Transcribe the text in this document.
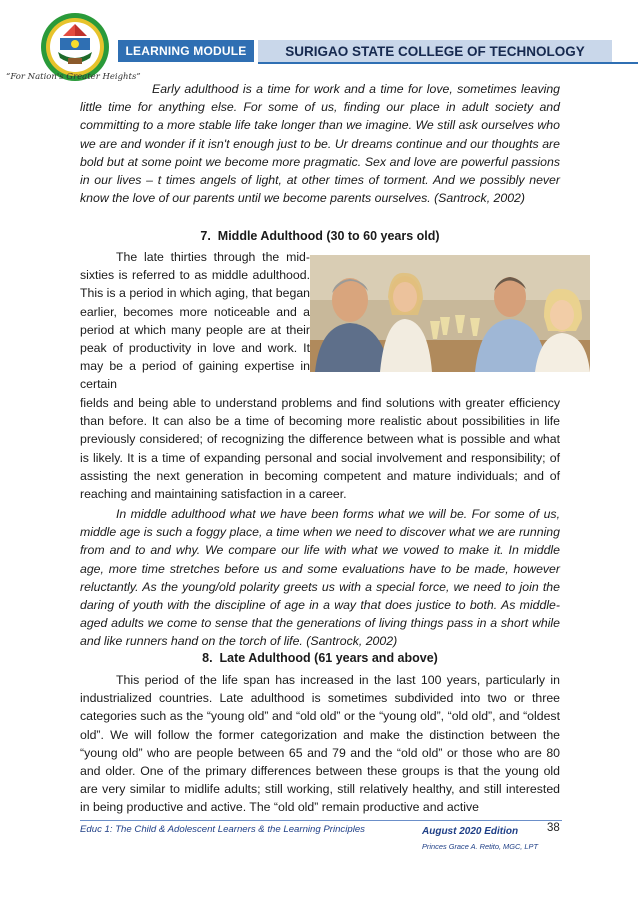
“For Nation's Greater Heights”
LEARNING MODULE	SURIGAO STATE COLLEGE OF TECHNOLOGY

Early adulthood is a time for work and a time for love, sometimes leaving little time for anything else. For some of us, finding our place in adult society and committing to a more stable life take longer than we imagine. We still ask ourselves who we are and wonder if it isn't enough just to be. Ur dreams continue and our thoughts are bold but at some point we become more pragmatic. Sex and love are powerful passions in our lives – t times angels of light, at other times of torment. And we possibly never know the love of our parents until we become parents ourselves. (Santrock, 2002)

7.  Middle Adulthood (30 to 60 years old)

The late thirties through the mid-sixties is referred to as middle adulthood. This is a period in which aging, that began earlier, becomes more noticeable and a period at which many people are at their peak of productivity in love and work. It may be a period of gaining expertise in certain

fields and being able to understand problems and find solutions with greater efficiency than before. It can also be a time of becoming more realistic about possibilities in life previously considered; of recognizing the difference between what is possible and what is likely. It is a time of expanding personal and social involvement and responsibility; of assisting the next generation in becoming competent and mature individuals; and of reaching and maintaining satisfaction in a career.

In middle adulthood what we have been forms what we will be. For some of us, middle age is such a foggy place, a time when we need to discover what we are running from and to and why. We compare our life with what we vowed to make it. In middle age, more time stretches before us and some evaluations have to be made, however reluctantly. As the young/old polarity greets us with a special force, we need to join the daring of youth with the discipline of age in a way that does justice to both. As middle-aged adults we come to sense that the generations of living things pass in a short while and like runners hand on the torch of life. (Santrock, 2002)

8.  Late Adulthood (61 years and above)

This period of the life span has increased in the last 100 years, particularly in industrialized countries. Late adulthood is sometimes subdivided into two or three categories such as the “young old” and “old old” or the “young old”, “old old”, and “oldest old”. We will follow the former categorization and make the distinction between the “young old” who are people between 65 and 79 and the “old old” or those who are 80 and older. One of the primary differences between these groups is that the young old are very similar to midlife adults; still working, still relatively healthy, and still interested in being productive and active. The “old old” remain productive and active

Educ 1: The Child & Adolescent Learners & the Learning Principles	August 2020 Edition
Princes Grace A. Retito, MGC, LPT
38
